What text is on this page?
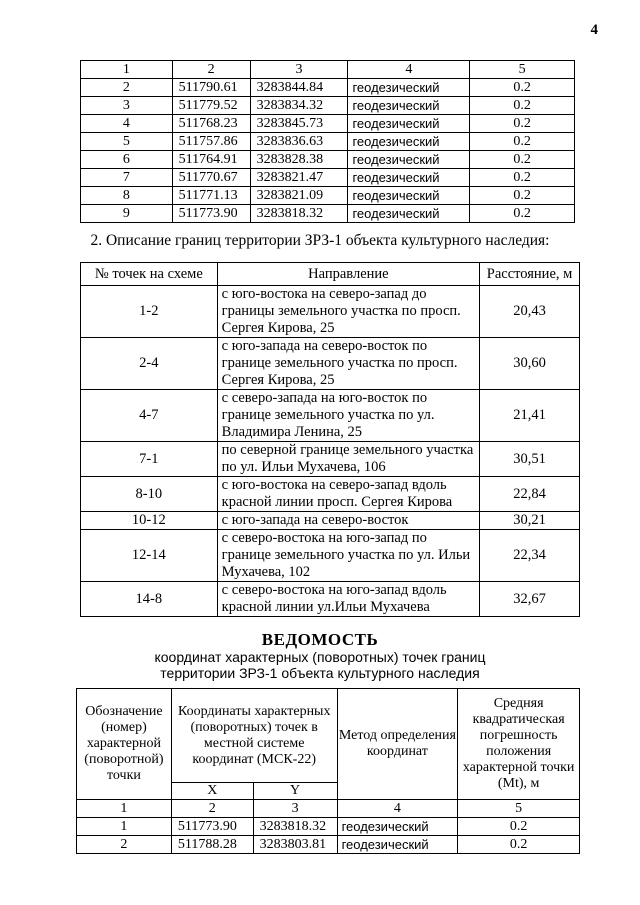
4
1	2	3	4	5
2	511790.61	3283844.84	геодезический	0.2
3	511779.52	3283834.32	геодезический	0.2
4	511768.23	3283845.73	геодезический	0.2
5	511757.86	3283836.63	геодезический	0.2
6	511764.91	3283828.38	геодезический	0.2
7	511770.67	3283821.47	геодезический	0.2
8	511771.13	3283821.09	геодезический	0.2
9	511773.90	3283818.32	геодезический	0.2
2. Описание границ территории ЗРЗ-1 объекта культурного наследия:
№ точек на схеме	Направление	Расстояние, м
1-2	с юго-востока на северо-запад до границы земельного участка по просп. Сергея Кирова, 25	20,43
2-4	с юго-запада на северо-восток по границе земельного участка по просп. Сергея Кирова, 25	30,60
4-7	с северо-запада на юго-восток по границе земельного участка по ул. Владимира Ленина, 25	21,41
7-1	по северной границе земельного участка по ул. Ильи Мухачева, 106	30,51
8-10	с юго-востока на северо-запад вдоль красной линии просп. Сергея Кирова	22,84
10-12	с юго-запада на северо-восток	30,21
12-14	с северо-востока на юго-запад по границе земельного участка по ул. Ильи Мухачева, 102	22,34
14-8	с северо-востока на юго-запад вдоль красной линии ул.Ильи Мухачева	32,67
ВЕДОМОСТЬ
координат характерных (поворотных) точек границ
территории ЗРЗ-1 объекта культурного наследия
Обозначение (номер) характерной (поворотной) точки	Координаты характерных (поворотных) точек в местной системе координат (МСК-22)		Метод определения координат	Средняя квадратическая погрешность положения характерной точки (Mt), м
	X	Y		
1	2	3	4	5
1	511773.90	3283818.32	геодезический	0.2
2	511788.28	3283803.81	геодезический	0.2
